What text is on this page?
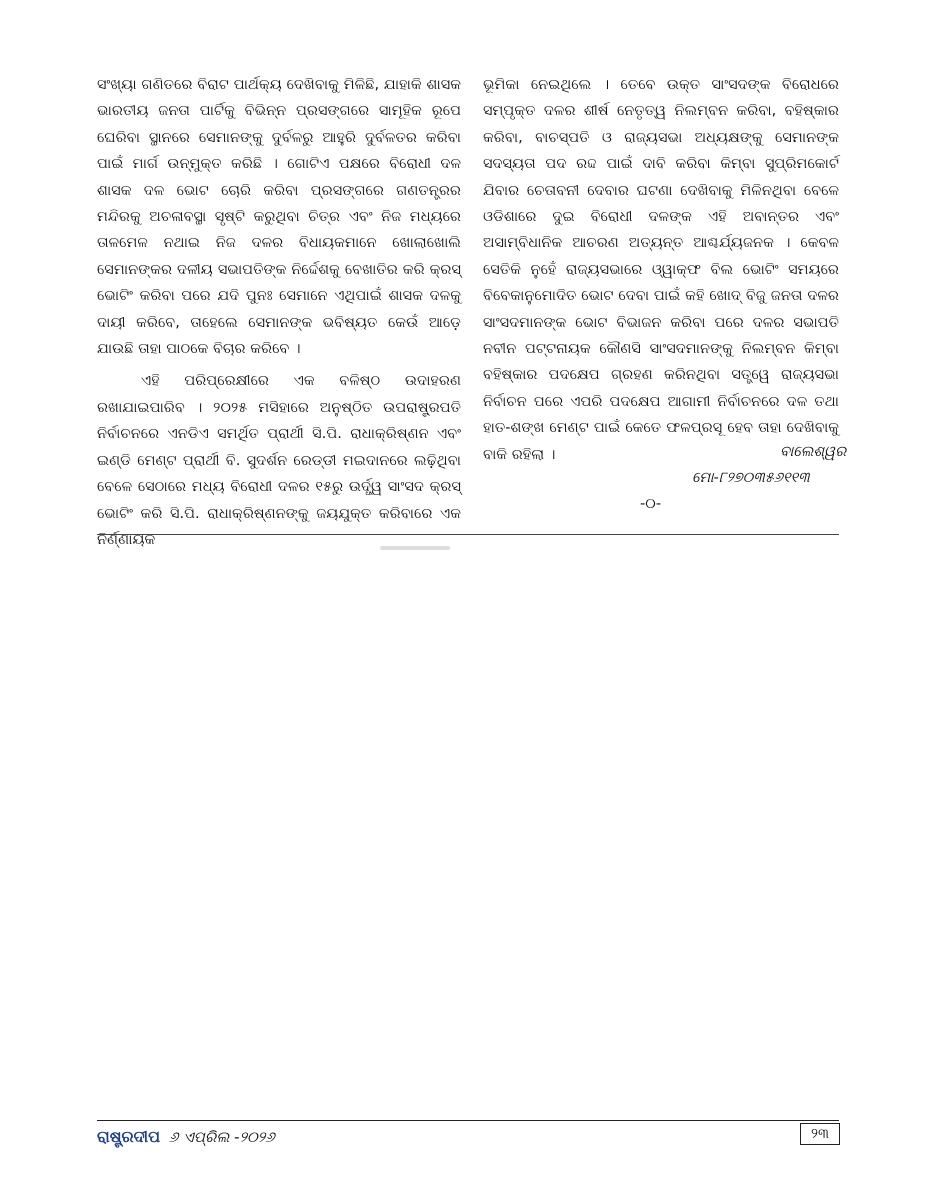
ସଂଖ୍ୟା ଗଣିତରେ ବିରାଟ ପାର୍ଥକ୍ୟ ଦେଖିବାକୁ ମିଳିଛି, ଯାହାକି ଶାସକ ଭାରତୀୟ ଜନତା ପାର୍ଟିକୁ ବିଭିନ୍ନ ପ୍ରସଙ୍ଗରେ ସାମୂହିକ ରୂପେ ଘେରିବା ସ୍ଥାନରେ ସେମାନଙ୍କୁ ଦୁର୍ବଳରୁ ଆହୁରି ଦୁର୍ବଳତର କରିବା ପାଇଁ ମାର୍ଗ ଉନ୍ମୁକ୍ତ କରିଛି । ଗୋଟିଏ ପକ୍ଷରେ ବିରୋଧୀ ଦଳ ଶାସକ ଦଳ ଭୋଟ ଚୋରି କରିବା ପ୍ରସଙ୍ଗରେ ଗଣତନ୍ତ୍ରର ମନ୍ଦିରକୁ ଅଚଳାବସ୍ଥା ସୃଷ୍ଟି କରୁଥିବା ଚିତ୍ର ଏବଂ ନିଜ ମଧ୍ୟରେ ତାଳମେଳ ନଥାଇ ନିଜ ଦଳର ବିଧାୟକମାନେ ଖୋଲାଖୋଲି ସେମାନଙ୍କର ଦଳୀୟ ସଭାପତିଙ୍କ ନିର୍ଦ୍ଦେଶକୁ ବେଖାତିର କରି କ୍ରସ୍ ଭୋଟିଂ କରିବା ପରେ ଯଦି ପୁନଃ ସେମାନେ ଏଥିପାଇଁ ଶାସକ ଦଳକୁ ଦାୟୀ କରିବେ, ତାହେଲେ ସେମାନଙ୍କ ଭବିଷ୍ୟତ କେଉଁ ଆଡ଼େ ଯାଉଛି ତାହା ପାଠକେ ବିଚାର କରିବେ ।

ଏହି ପରିପ୍ରେକ୍ଷୀରେ ଏକ ବଳିଷ୍ଠ ଉଦାହରଣ ରଖାଯାଇପାରିବ । ୨୦୨୫ ମସିହାରେ ଅନୁଷ୍ଠିତ ଉପରାଷ୍ଟ୍ରପତି ନିର୍ବାଚନରେ ଏନଡିଏ ସମର୍ଥିତ ପ୍ରାର୍ଥୀ ସି.ପି. ରାଧାକ୍ରିଷ୍ଣନ ଏବଂ ଇଣ୍ଡି ମେଣ୍ଟ ପ୍ରାର୍ଥୀ ବି. ସୁଦର୍ଶନ ରେଡ୍ଡୀ ମଇଦାନରେ ଲଢ଼ିଥିବା ବେଳେ ସେଠାରେ ମଧ୍ୟ ବିରୋଧୀ ଦଳର ୧୫ରୁ ଉର୍ଦ୍ଧ୍ୱ ସାଂସଦ କ୍ରସ୍ ଭୋଟିଂ କରି ସି.ପି. ରାଧାକ୍ରିଷ୍ଣନଙ୍କୁ ଜୟଯୁକ୍ତ କରିବାରେ ଏକ ନିର୍ଣ୍ଣାୟକ

ଭୂମିକା ନେଇଥିଲେ । ତେବେ ଉକ୍ତ ସାଂସଦଙ୍କ ବିରୋଧରେ ସମ୍ପୃକ୍ତ ଦଳର ଶୀର୍ଷ ନେତୃତ୍ୱ ନିଲମ୍ବନ କରିବା, ବହିଷ୍କାର କରିବା, ବାଚସ୍ପତି ଓ ରାଜ୍ୟସଭା ଅଧ୍ୟକ୍ଷଙ୍କୁ ସେମାନଙ୍କ ସଦସ୍ୟତା ପଦ ରଦ୍ଦ ପାଇଁ ଦାବି କରିବା କିମ୍ବା ସୁପ୍ରିମକୋର୍ଟ ଯିବାର ଚେତାବନୀ ଦେବାର ଘଟଣା ଦେଖିବାକୁ ମିଳିନଥିବା ବେଳେ ଓଡିଶାରେ ଦୁଇ ବିରୋଧୀ ଦଳଙ୍କ ଏହି ଅବାନ୍ତର ଏବଂ ଅସାମ୍ବିଧାନିକ ଆଚରଣ ଅତ୍ୟନ୍ତ ଆଶ୍ଚର୍ଯ୍ୟଜନକ । କେବଳ ସେତିକି ନୁହେଁ ରାଜ୍ୟସଭାରେ ଓ୍ୱାକ୍‌ଫ ବିଲ ଭୋଟିଂ ସମୟରେ ବିବେକାନୁମୋଦିତ ଭୋଟ ଦେବା ପାଇଁ କହି ଖୋଦ୍ ବିଜୁ ଜନତା ଦଳର ସାଂସଦମାନଙ୍କ ଭୋଟ ବିଭାଜନ କରିବା ପରେ ଦଳର ସଭାପତି ନବୀନ ପଟ୍ଟନାୟକ କୌଣସି ସାଂସଦମାନଙ୍କୁ ନିଲମ୍ବନ କିମ୍ବା ବହିଷ୍କାର ପଦକ୍ଷେପ ଗ୍ରହଣ କରିନଥିବା ସତ୍ତ୍ୱେ ରାଜ୍ୟସଭା ନିର୍ବାଚନ ପରେ ଏପରି ପଦକ୍ଷେପ ଆଗାମୀ ନିର୍ବାଚନରେ ଦଳ ତଥା ହାତ-ଶଙ୍ଖ ମେଣ୍ଟ ପାଇଁ କେତେ ଫଳପ୍ରସୂ ହେବ ତାହା ଦେଖିବାକୁ ବାକି ରହିଲା ।	ବାଲେଶ୍ୱର
ମୋ-୮୨୭୦୩୫୬୧୧୩
-୦-
ରାଷ୍ଟ୍ରଦୀପ ୬ ଏପ୍ରିଲ -୨୦୨୬	୨୩
